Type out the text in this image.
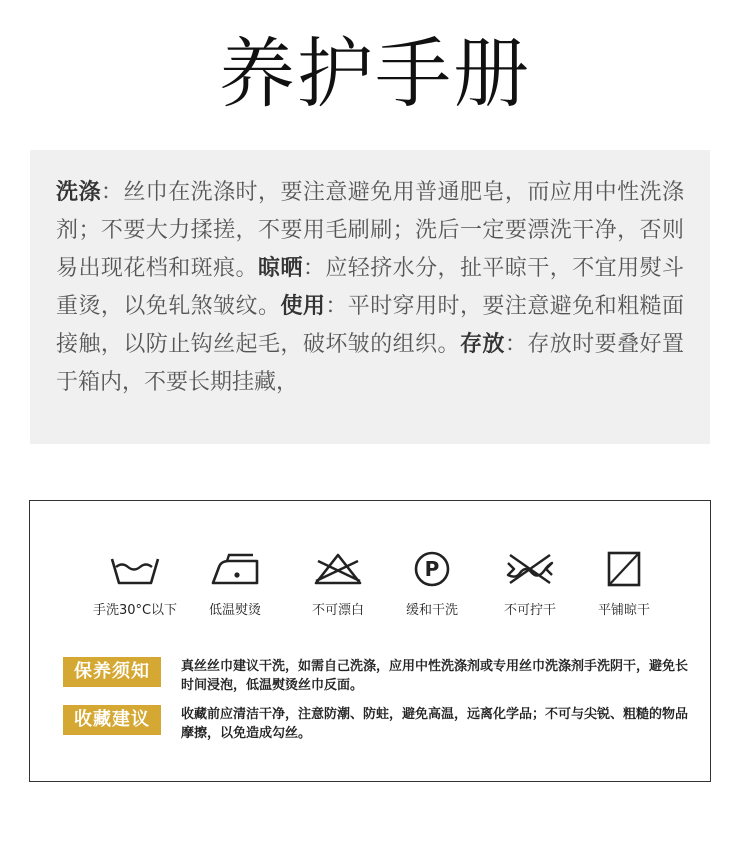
养护手册

洗涤：丝巾在洗涤时，要注意避免用普通肥皂，而应用中性洗涤剂；不要大力揉搓，不要用毛刷刷；洗后一定要漂洗干净，否则易出现花档和斑痕。晾晒：应轻挤水分，扯平晾干，不宜用熨斗重烫，以免轧煞皱纹。使用：平时穿用时，要注意避免和粗糙面接触，以防止钩丝起毛，破坏皱的组织。存放：存放时要叠好置于箱内，不要长期挂藏，

手洗30°C以下	低温熨烫	不可漂白
P
缓和干洗	不可拧干	平铺晾干
保养须知	真丝丝巾建议干洗，如需自己洗涤，应用中性洗涤剂或专用丝巾洗涤剂手洗阴干，避免长时间浸泡，低温熨烫丝巾反面。
收藏建议	收藏前应清洁干净，注意防潮、防蛀，避免高温，远离化学品；不可与尖锐、粗糙的物品摩擦，以免造成勾丝。
